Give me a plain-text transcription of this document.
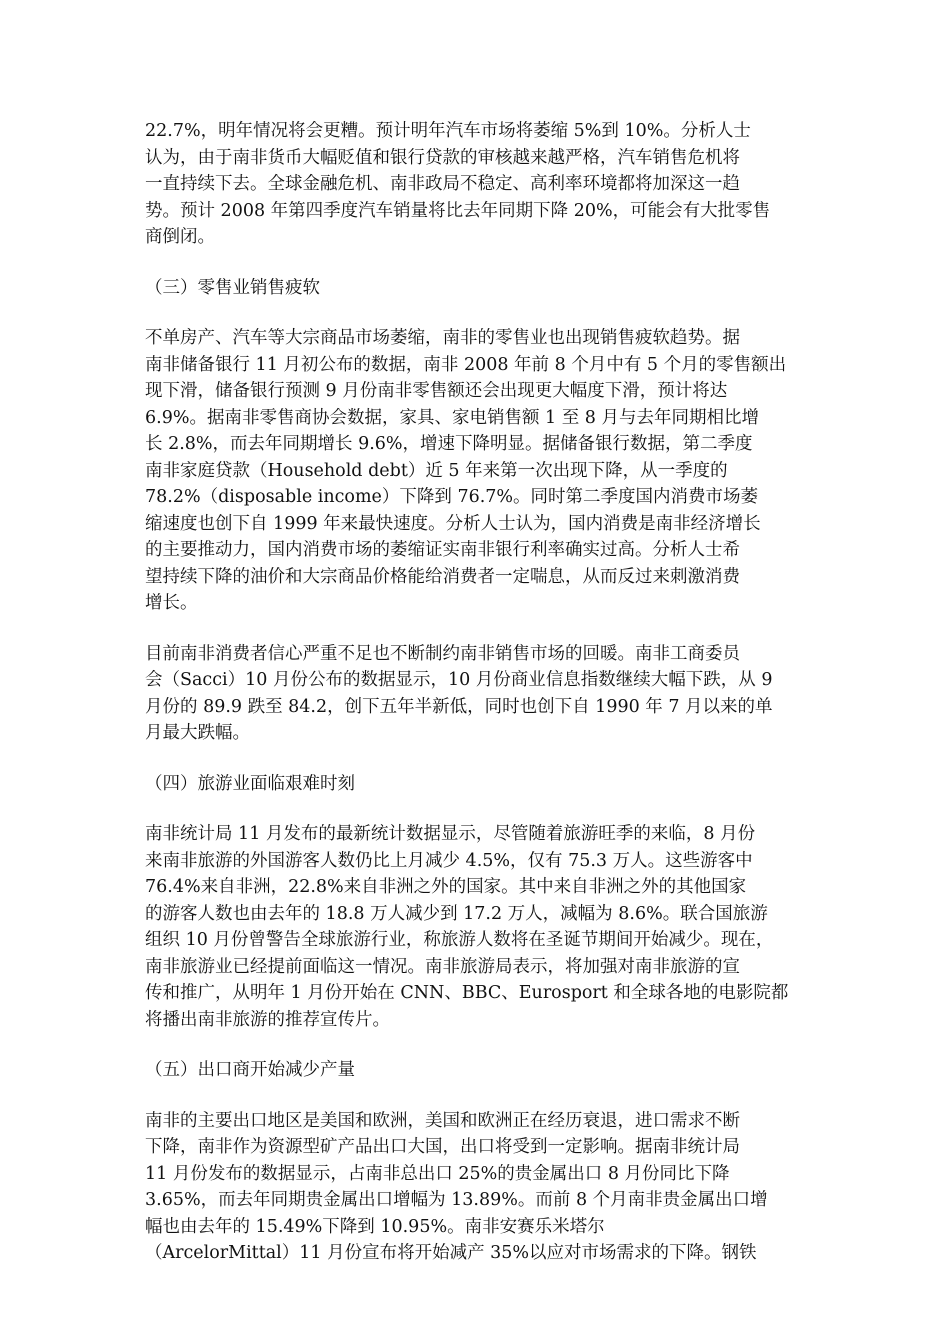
22.7%，明年情况将会更糟。预计明年汽车市场将萎缩 5%到 10%。分析人士
认为，由于南非货币大幅贬值和银行贷款的审核越来越严格，汽车销售危机将
一直持续下去。全球金融危机、南非政局不稳定、高利率环境都将加深这一趋
势。预计 2008 年第四季度汽车销量将比去年同期下降 20%，可能会有大批零售
商倒闭。

（三）零售业销售疲软

不单房产、汽车等大宗商品市场萎缩，南非的零售业也出现销售疲软趋势。据
南非储备银行 11 月初公布的数据，南非 2008 年前 8 个月中有 5 个月的零售额出
现下滑，储备银行预测 9 月份南非零售额还会出现更大幅度下滑，预计将达
6.9%。据南非零售商协会数据，家具、家电销售额 1 至 8 月与去年同期相比增
长 2.8%，而去年同期增长 9.6%，增速下降明显。据储备银行数据，第二季度
南非家庭贷款（Household debt）近 5 年来第一次出现下降，从一季度的
78.2%（disposable income）下降到 76.7%。同时第二季度国内消费市场萎
缩速度也创下自 1999 年来最快速度。分析人士认为，国内消费是南非经济增长
的主要推动力，国内消费市场的萎缩证实南非银行利率确实过高。分析人士希
望持续下降的油价和大宗商品价格能给消费者一定喘息，从而反过来刺激消费
增长。

目前南非消费者信心严重不足也不断制约南非销售市场的回暖。南非工商委员
会（Sacci）10 月份公布的数据显示，10 月份商业信息指数继续大幅下跌，从 9
月份的 89.9 跌至 84.2，创下五年半新低，同时也创下自 1990 年 7 月以来的单
月最大跌幅。

（四）旅游业面临艰难时刻

南非统计局 11 月发布的最新统计数据显示，尽管随着旅游旺季的来临，8 月份
来南非旅游的外国游客人数仍比上月减少 4.5%，仅有 75.3 万人。这些游客中
76.4%来自非洲，22.8%来自非洲之外的国家。其中来自非洲之外的其他国家
的游客人数也由去年的 18.8 万人减少到 17.2 万人，减幅为 8.6%。联合国旅游
组织 10 月份曾警告全球旅游行业，称旅游人数将在圣诞节期间开始减少。现在，
南非旅游业已经提前面临这一情况。南非旅游局表示，将加强对南非旅游的宣
传和推广，从明年 1 月份开始在 CNN、BBC、Eurosport 和全球各地的电影院都
将播出南非旅游的推荐宣传片。

（五）出口商开始减少产量

南非的主要出口地区是美国和欧洲，美国和欧洲正在经历衰退，进口需求不断
下降，南非作为资源型矿产品出口大国，出口将受到一定影响。据南非统计局
11 月份发布的数据显示，占南非总出口 25%的贵金属出口 8 月份同比下降
3.65%，而去年同期贵金属出口增幅为 13.89%。而前 8 个月南非贵金属出口增
幅也由去年的 15.49%下降到 10.95%。南非安赛乐米塔尔
（ArcelorMittal）11 月份宣布将开始减产 35%以应对市场需求的下降。钢铁
